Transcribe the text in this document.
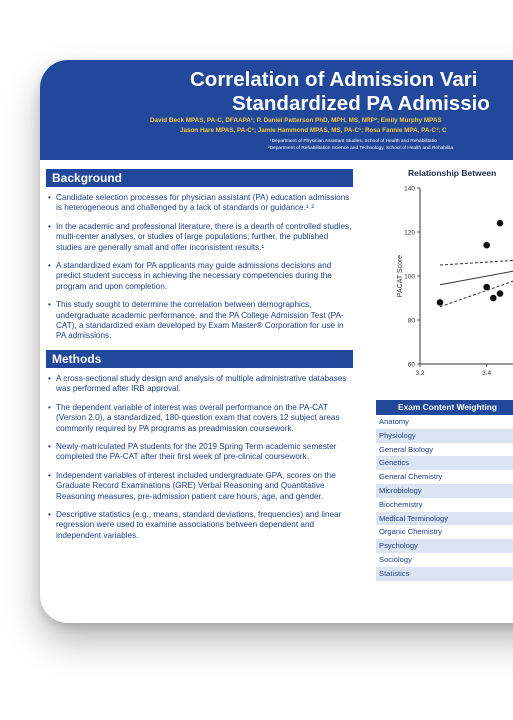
Correlation of Admission Vari
Standardized PA Admissio
David Beck MPAS, PA-C, DFAAPA¹; P. Daniel Patterson PhD, MPH, MS, NRP²; Emily Murphy MPAS
Jason Hare MPAS, PA-C¹; Jamie Hammond MPAS, MS, PA-C¹; Rosa Fannie MPA, PA-C¹; C
¹Department of Physician Assistant Studies, School of Health and Rehabilitatio
²Department of Rehabilitation Science and Technology, School of Health and Rehabilita
Background
• Candidate selection processes for physician assistant (PA) education admissions is heterogeneous and challenged by a lack of standards or guidance.¹˒²
• In the academic and professional literature, there is a dearth of controlled studies, multi-center analyses, or studies of large populations; further, the published studies are generally small and offer inconsistent results.¹
• A standardized exam for PA applicants may guide admissions decisions and predict student success in achieving the necessary competencies during the program and upon completion.
• This study sought to determine the correlation between demographics, undergraduate academic performance, and the PA College Admission Test (PA-CAT), a standardized exam developed by Exam Master® Corporation for use in PA admissions.
Methods
• A cross-sectional study design and analysis of multiple administrative databases was performed after IRB approval.
• The dependent variable of interest was overall performance on the PA-CAT (Version 2.0), a standardized, 180-question exam that covers 12 subject areas commonly required by PA programs as preadmission coursework.
• Newly-matriculated PA students for the 2019 Spring Term academic semester completed the PA-CAT after their first week of pre-clinical coursework.
• Independent variables of interest included undergraduate GPA, scores on the Graduate Record Examinations (GRE) Verbal Reasoning and Quantitative Reasoning measures, pre-admission patient care hours, age, and gender.
• Descriptive statistics (e.g., means, standard deviations, frequencies) and linear regression were used to examine associations between dependent and independent variables.
Relationship Between
60
80
100
120
140
3.2	3.4
PACAT Score
Exam Content Weighting
Anatomy
Physiology
General Biology
Genetics
General Chemistry
Microbiology
Biochemistry
Medical Terminology
Organic Chemistry
Psychology
Sociology
Statistics
